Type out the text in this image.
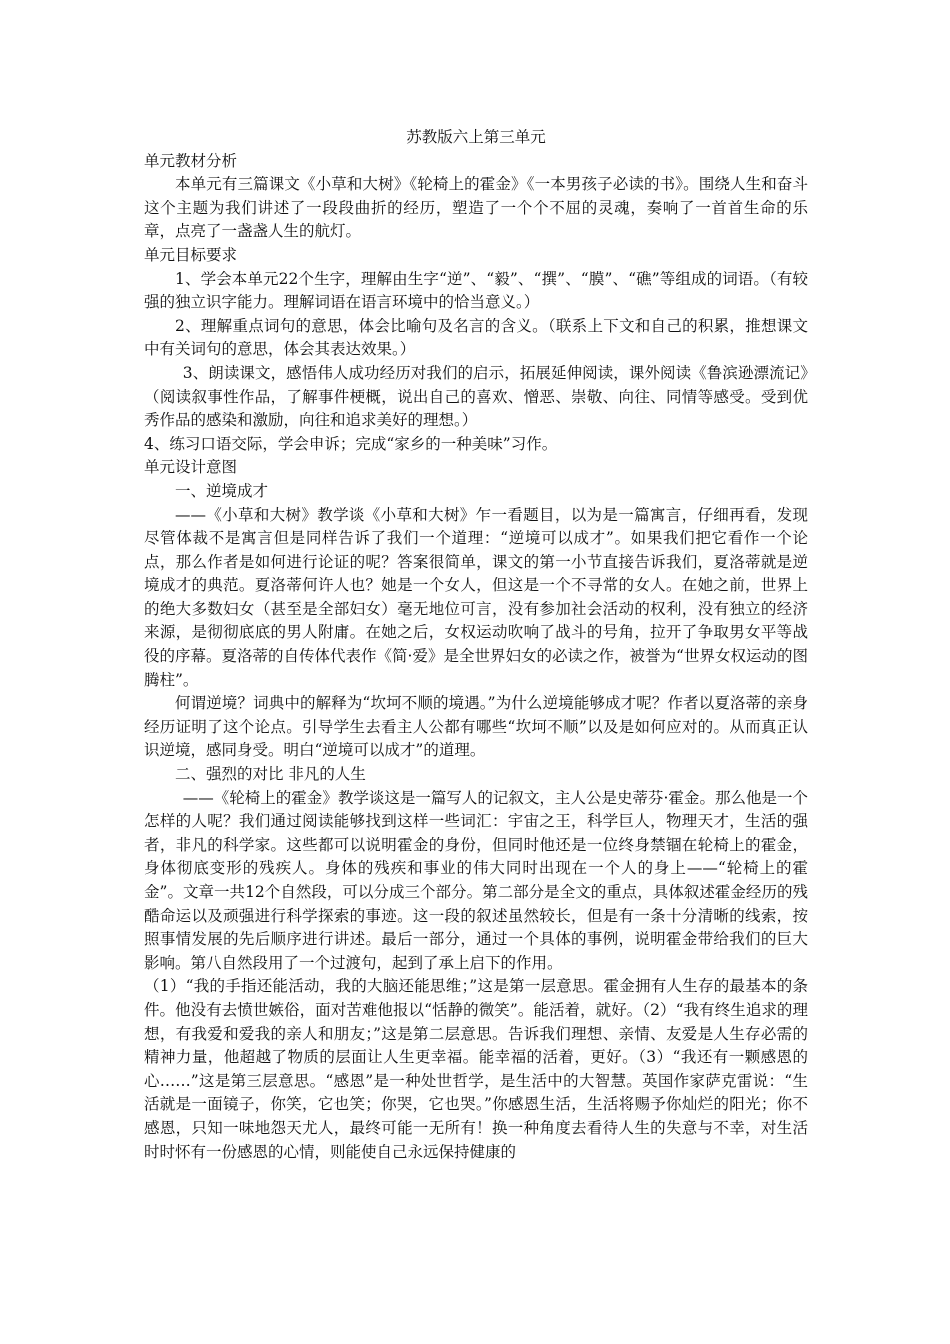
苏教版六上第三单元

单元教材分析

本单元有三篇课文《小草和大树》《轮椅上的霍金》《一本男孩子必读的书》。围绕人生和奋斗这个主题为我们讲述了一段段曲折的经历，塑造了一个个不屈的灵魂，奏响了一首首生命的乐章，点亮了一盏盏人生的航灯。

单元目标要求

1、学会本单元22个生字，理解由生字“逆”、“毅”、“撰”、“膜”、“礁”等组成的词语。（有较强的独立识字能力。理解词语在语言环境中的恰当意义。）

2、理解重点词句的意思，体会比喻句及名言的含义。（联系上下文和自己的积累，推想课文中有关词句的意思，体会其表达效果。）

3、朗读课文，感悟伟人成功经历对我们的启示，拓展延伸阅读，课外阅读《鲁滨逊漂流记》（阅读叙事性作品，了解事件梗概，说出自己的喜欢、憎恶、崇敬、向往、同情等感受。受到优秀作品的感染和激励，向往和追求美好的理想。）

4、练习口语交际，学会申诉；完成“家乡的一种美味”习作。

单元设计意图

一、逆境成才

——《小草和大树》教学谈《小草和大树》乍一看题目，以为是一篇寓言，仔细再看，发现尽管体裁不是寓言但是同样告诉了我们一个道理：“逆境可以成才”。如果我们把它看作一个论点，那么作者是如何进行论证的呢？答案很简单，课文的第一小节直接告诉我们，夏洛蒂就是逆境成才的典范。夏洛蒂何许人也？她是一个女人，但这是一个不寻常的女人。在她之前，世界上的绝大多数妇女（甚至是全部妇女）毫无地位可言，没有参加社会活动的权利，没有独立的经济来源，是彻彻底底的男人附庸。在她之后，女权运动吹响了战斗的号角，拉开了争取男女平等战役的序幕。夏洛蒂的自传体代表作《简·爱》是全世界妇女的必读之作，被誉为“世界女权运动的图腾柱”。

何谓逆境？词典中的解释为“坎坷不顺的境遇。”为什么逆境能够成才呢？作者以夏洛蒂的亲身经历证明了这个论点。引导学生去看主人公都有哪些“坎坷不顺”以及是如何应对的。从而真正认识逆境，感同身受。明白“逆境可以成才”的道理。

二、强烈的对比 非凡的人生

——《轮椅上的霍金》教学谈这是一篇写人的记叙文，主人公是史蒂芬·霍金。那么他是一个怎样的人呢？我们通过阅读能够找到这样一些词汇：宇宙之王，科学巨人，物理天才，生活的强者，非凡的科学家。这些都可以说明霍金的身份，但同时他还是一位终身禁锢在轮椅上的霍金，身体彻底变形的残疾人。身体的残疾和事业的伟大同时出现在一个人的身上——“轮椅上的霍金”。文章一共12个自然段，可以分成三个部分。第二部分是全文的重点，具体叙述霍金经历的残酷命运以及顽强进行科学探索的事迹。这一段的叙述虽然较长，但是有一条十分清晰的线索，按照事情发展的先后顺序进行讲述。最后一部分，通过一个具体的事例，说明霍金带给我们的巨大影响。第八自然段用了一个过渡句，起到了承上启下的作用。

（1）“我的手指还能活动，我的大脑还能思维；”这是第一层意思。霍金拥有人生存的最基本的条件。他没有去愤世嫉俗，面对苦难他报以“恬静的微笑”。能活着，就好。（2）“我有终生追求的理想，有我爱和爱我的亲人和朋友；”这是第二层意思。告诉我们理想、亲情、友爱是人生存必需的精神力量，他超越了物质的层面让人生更幸福。能幸福的活着，更好。（3）“我还有一颗感恩的心……”这是第三层意思。“感恩”是一种处世哲学，是生活中的大智慧。英国作家萨克雷说：“生活就是一面镜子，你笑，它也笑；你哭，它也哭。”你感恩生活，生活将赐予你灿烂的阳光；你不感恩，只知一味地怨天尤人，最终可能一无所有！换一种角度去看待人生的失意与不幸，对生活时时怀有一份感恩的心情，则能使自己永远保持健康的
